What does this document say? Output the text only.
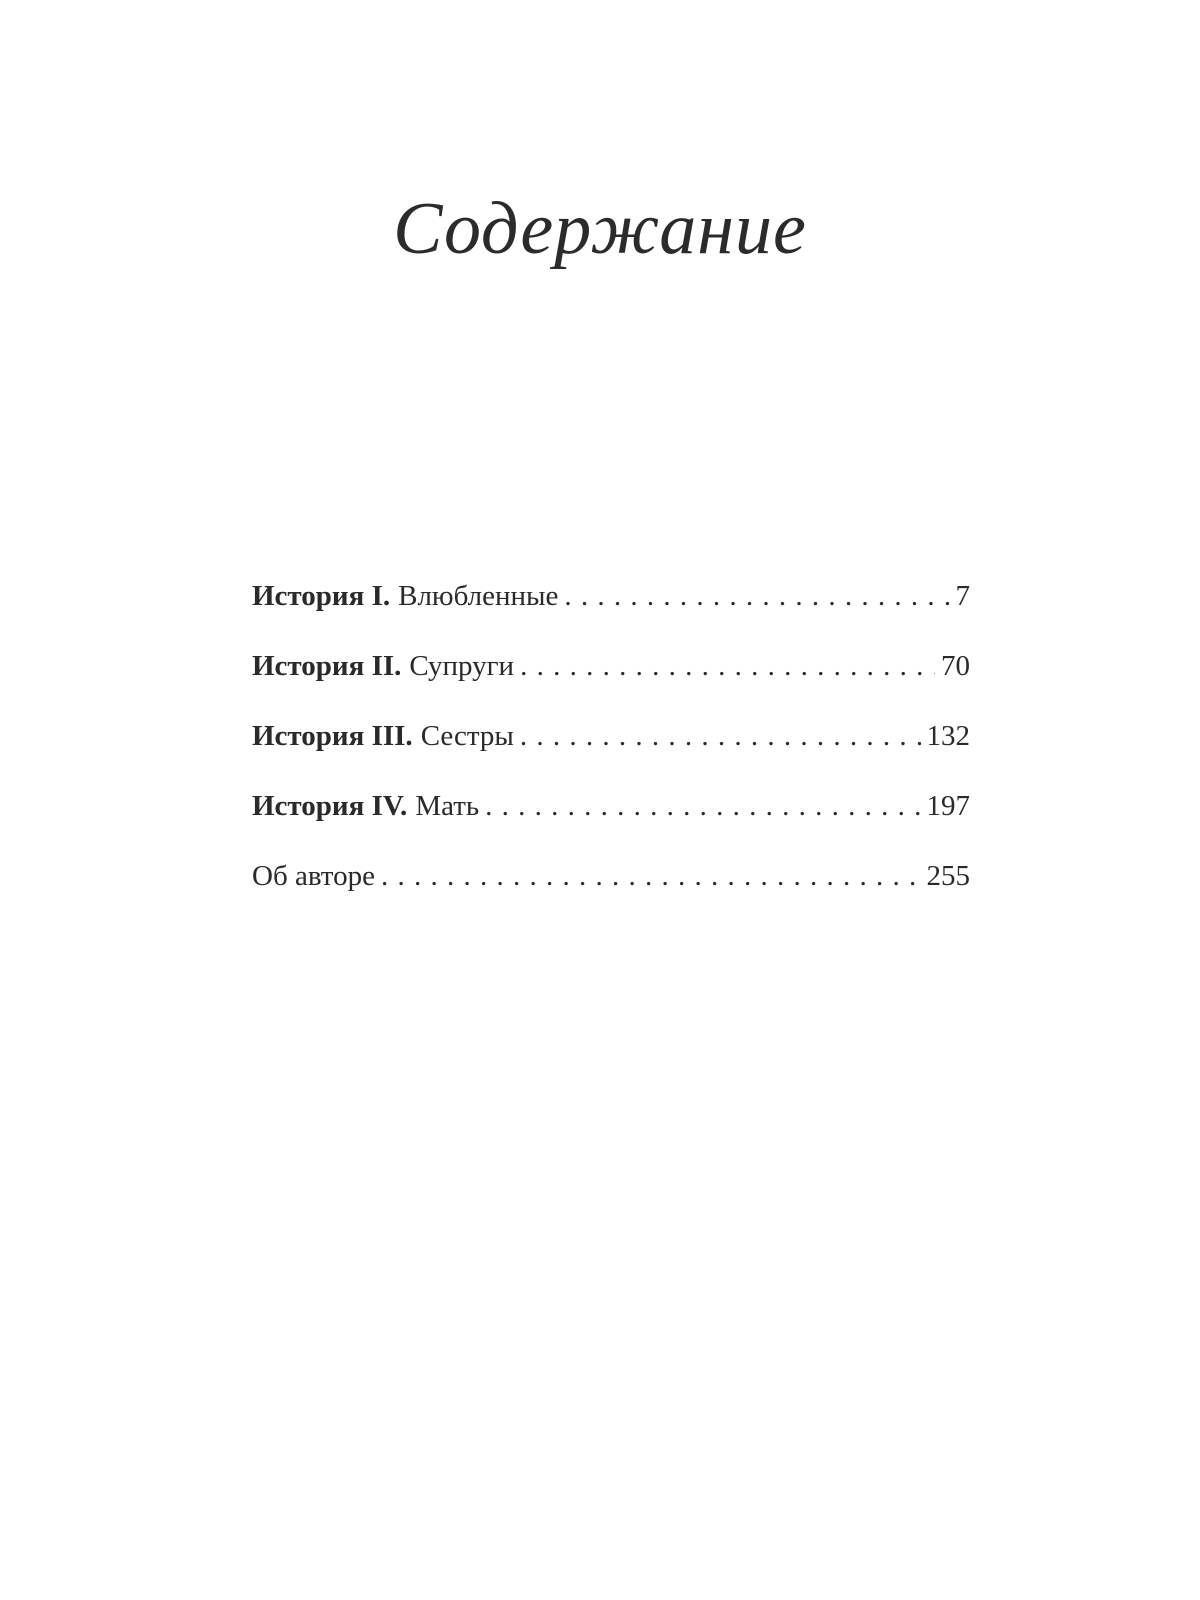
Содержание
История I. Влюбленные . . .	7
История II. Супруги . . .	70
История III. Сестры . . .	132
История IV. Мать . . .	197
Об авторе . . .	255
